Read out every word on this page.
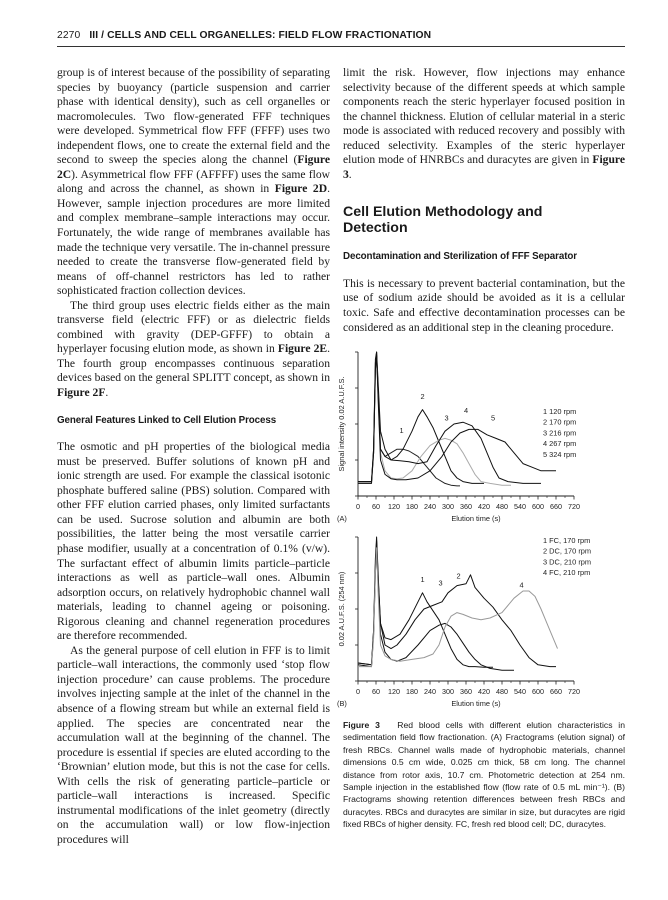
2270 III / CELLS AND CELL ORGANELLES: FIELD FLOW FRACTIONATION

group is of interest because of the possibility of separating species by buoyancy (particle suspension and carrier phase with identical density), such as cell organelles or macromolecules. Two flow-generated FFF techniques were developed. Symmetrical flow FFF (FFFF) uses two independent flows, one to create the external field and the second to sweep the species along the channel (Figure 2C). Asymmetrical flow FFF (AFFFF) uses the same flow along and across the channel, as shown in Figure 2D. However, sample injection procedures are more limited and complex membrane–sample interactions may occur. Fortunately, the wide range of membranes available has made the technique very versatile. The in-channel pressure needed to create the transverse flow-generated field by means of off-channel restrictors has led to rather sophisticated fraction collection devices.

The third group uses electric fields either as the main transverse field (electric FFF) or as dielectric fields combined with gravity (DEP-GFFF) to obtain a hyperlayer focusing elution mode, as shown in Figure 2E. The fourth group encompasses continuous separation devices based on the general SPLITT concept, as shown in Figure 2F.

General Features Linked to Cell Elution Process

The osmotic and pH properties of the biological media must be preserved. Buffer solutions of known pH and ionic strength are used. For example the classical isotonic phosphate buffered saline (PBS) solution. Compared with other FFF elution carried phases, only limited surfactants can be used. Sucrose solution and albumin are both possibilities, the latter being the most versatile carrier phase modifier, usually at a concentration of 0.1% (v/w). The surfactant effect of albumin limits particle–particle interactions as well as particle–wall ones. Albumin adsorption occurs, on relatively hydrophobic channel wall materials, leading to channel ageing or poisoning. Rigorous cleaning and channel regeneration procedures are therefore recommended.

As the general purpose of cell elution in FFF is to limit particle–wall interactions, the commonly used ‘stop flow injection procedure’ can cause problems. The procedure involves injecting sample at the inlet of the channel in the absence of a flowing stream but while an external field is applied. The species are concentrated near the accumulation wall at the beginning of the channel. The procedure is essential if species are eluted according to the ‘Brownian’ elution mode, but this is not the case for cells. With cells the risk of generating particle–particle or particle–wall interactions is increased. Specific instrumental modifications of the inlet geometry (directly on the accumulation wall) or low flow-injection procedures will

limit the risk. However, flow injections may enhance selectivity because of the different speeds at which sample components reach the steric hyperlayer focused position in the channel thickness. Elution of cellular material in a steric mode is associated with reduced recovery and possibly with reduced selectivity. Examples of the steric hyperlayer elution mode of HNRBCs and duracytes are given in Figure 3.

Cell Elution Methodology and Detection
Decontamination and Sterilization of FFF Separator

This is necessary to prevent bacterial contamination, but the use of sodium azide should be avoided as it is a cellular toxic. Safe and effective decontamination processes can be considered as an additional step in the cleaning procedure.

0 60 120 180 240 300 360 420 480 540 600 660 720
Elution time (s)
(A)
Signal intensity 0.02 A.U.F.S.	1
2
3
4
5
1 120 rpm
2 170 rpm
3 216 rpm
4 267 rpm
5 324 rpm
0 60 120 180 240 300 360 420 480 540 600 660 720
Elution time (s)
(B)
0.02 A.U.F.S. (254 nm)	1	2
3	4
1 FC, 170 rpm
2 DC, 170 rpm
3 DC, 210 rpm
4 FC, 210 rpm
Figure 3 Red blood cells with different elution characteristics in sedimentation field flow fractionation. (A) Fractograms (elution signal) of fresh RBCs. Channel walls made of hydrophobic materials, channel dimensions 0.5 cm wide, 0.025 cm thick, 58 cm long. The channel distance from rotor axis, 10.7 cm. Photometric detection at 254 nm. Sample injection in the established flow (flow rate of 0.5 mL min⁻¹). (B) Fractograms showing retention differences between fresh RBCs and duracytes. RBCs and duracytes are similar in size, but duracytes are rigid fixed RBCs of higher density. FC, fresh red blood cell; DC, duracytes.
